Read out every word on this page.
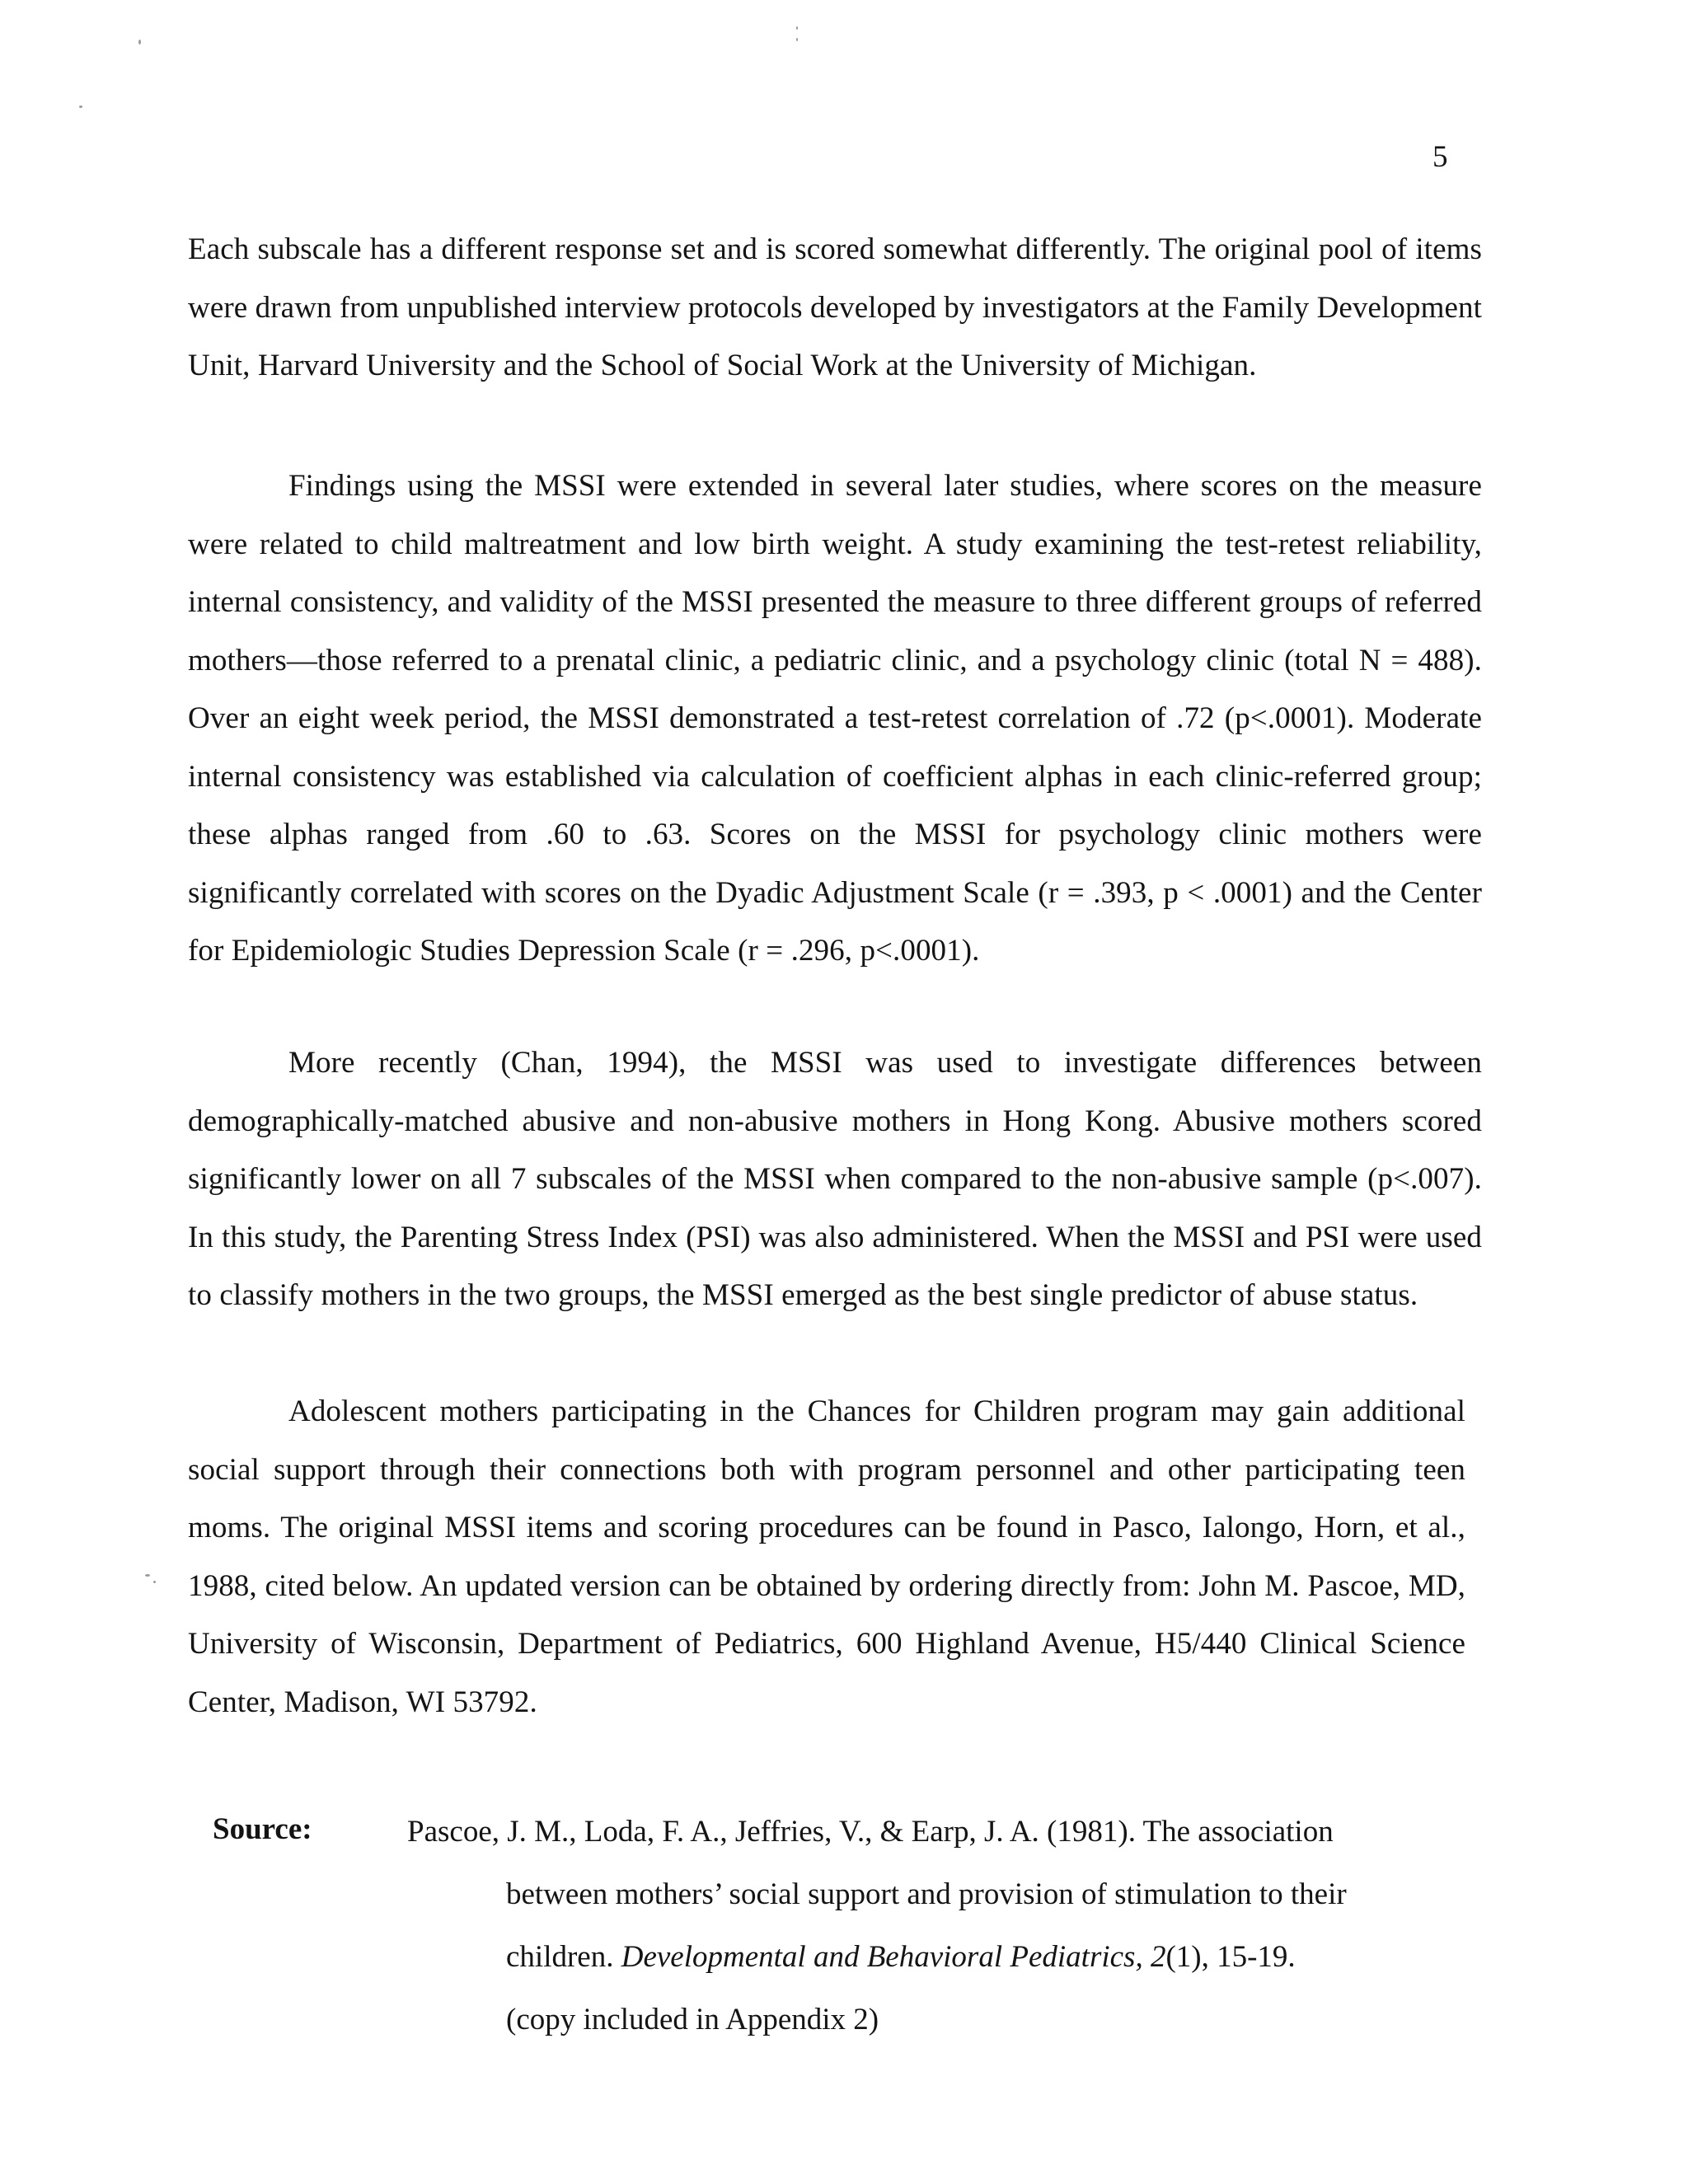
5

Each subscale has a different response set and is scored somewhat differently. The original pool of items were drawn from unpublished interview protocols developed by investigators at the Family Development Unit, Harvard University and the School of Social Work at the University of Michigan.

Findings using the MSSI were extended in several later studies, where scores on the measure were related to child maltreatment and low birth weight. A study examining the test-retest reliability, internal consistency, and validity of the MSSI presented the measure to three different groups of referred mothers—those referred to a prenatal clinic, a pediatric clinic, and a psychology clinic (total N = 488). Over an eight week period, the MSSI demonstrated a test-retest correlation of .72 (p<.0001). Moderate internal consistency was established via calculation of coefficient alphas in each clinic-referred group; these alphas ranged from .60 to .63. Scores on the MSSI for psychology clinic mothers were significantly correlated with scores on the Dyadic Adjustment Scale (r = .393, p < .0001) and the Center for Epidemiologic Studies Depression Scale (r = .296, p<.0001).

More recently (Chan, 1994), the MSSI was used to investigate differences between demographically-matched abusive and non-abusive mothers in Hong Kong. Abusive mothers scored significantly lower on all 7 subscales of the MSSI when compared to the non-abusive sample (p<.007). In this study, the Parenting Stress Index (PSI) was also administered. When the MSSI and PSI were used to classify mothers in the two groups, the MSSI emerged as the best single predictor of abuse status.

Adolescent mothers participating in the Chances for Children program may gain additional social support through their connections both with program personnel and other participating teen moms. The original MSSI items and scoring procedures can be found in Pasco, Ialongo, Horn, et al., 1988, cited below. An updated version can be obtained by ordering directly from: John M. Pascoe, MD, University of Wisconsin, Department of Pediatrics, 600 Highland Avenue, H5/440 Clinical Science Center, Madison, WI 53792.

Source:	Pascoe, J. M., Loda, F. A., Jeffries, V., & Earp, J. A. (1981). The association
between mothers’ social support and provision of stimulation to their
children. Developmental and Behavioral Pediatrics, 2(1), 15-19.
(copy included in Appendix 2)
